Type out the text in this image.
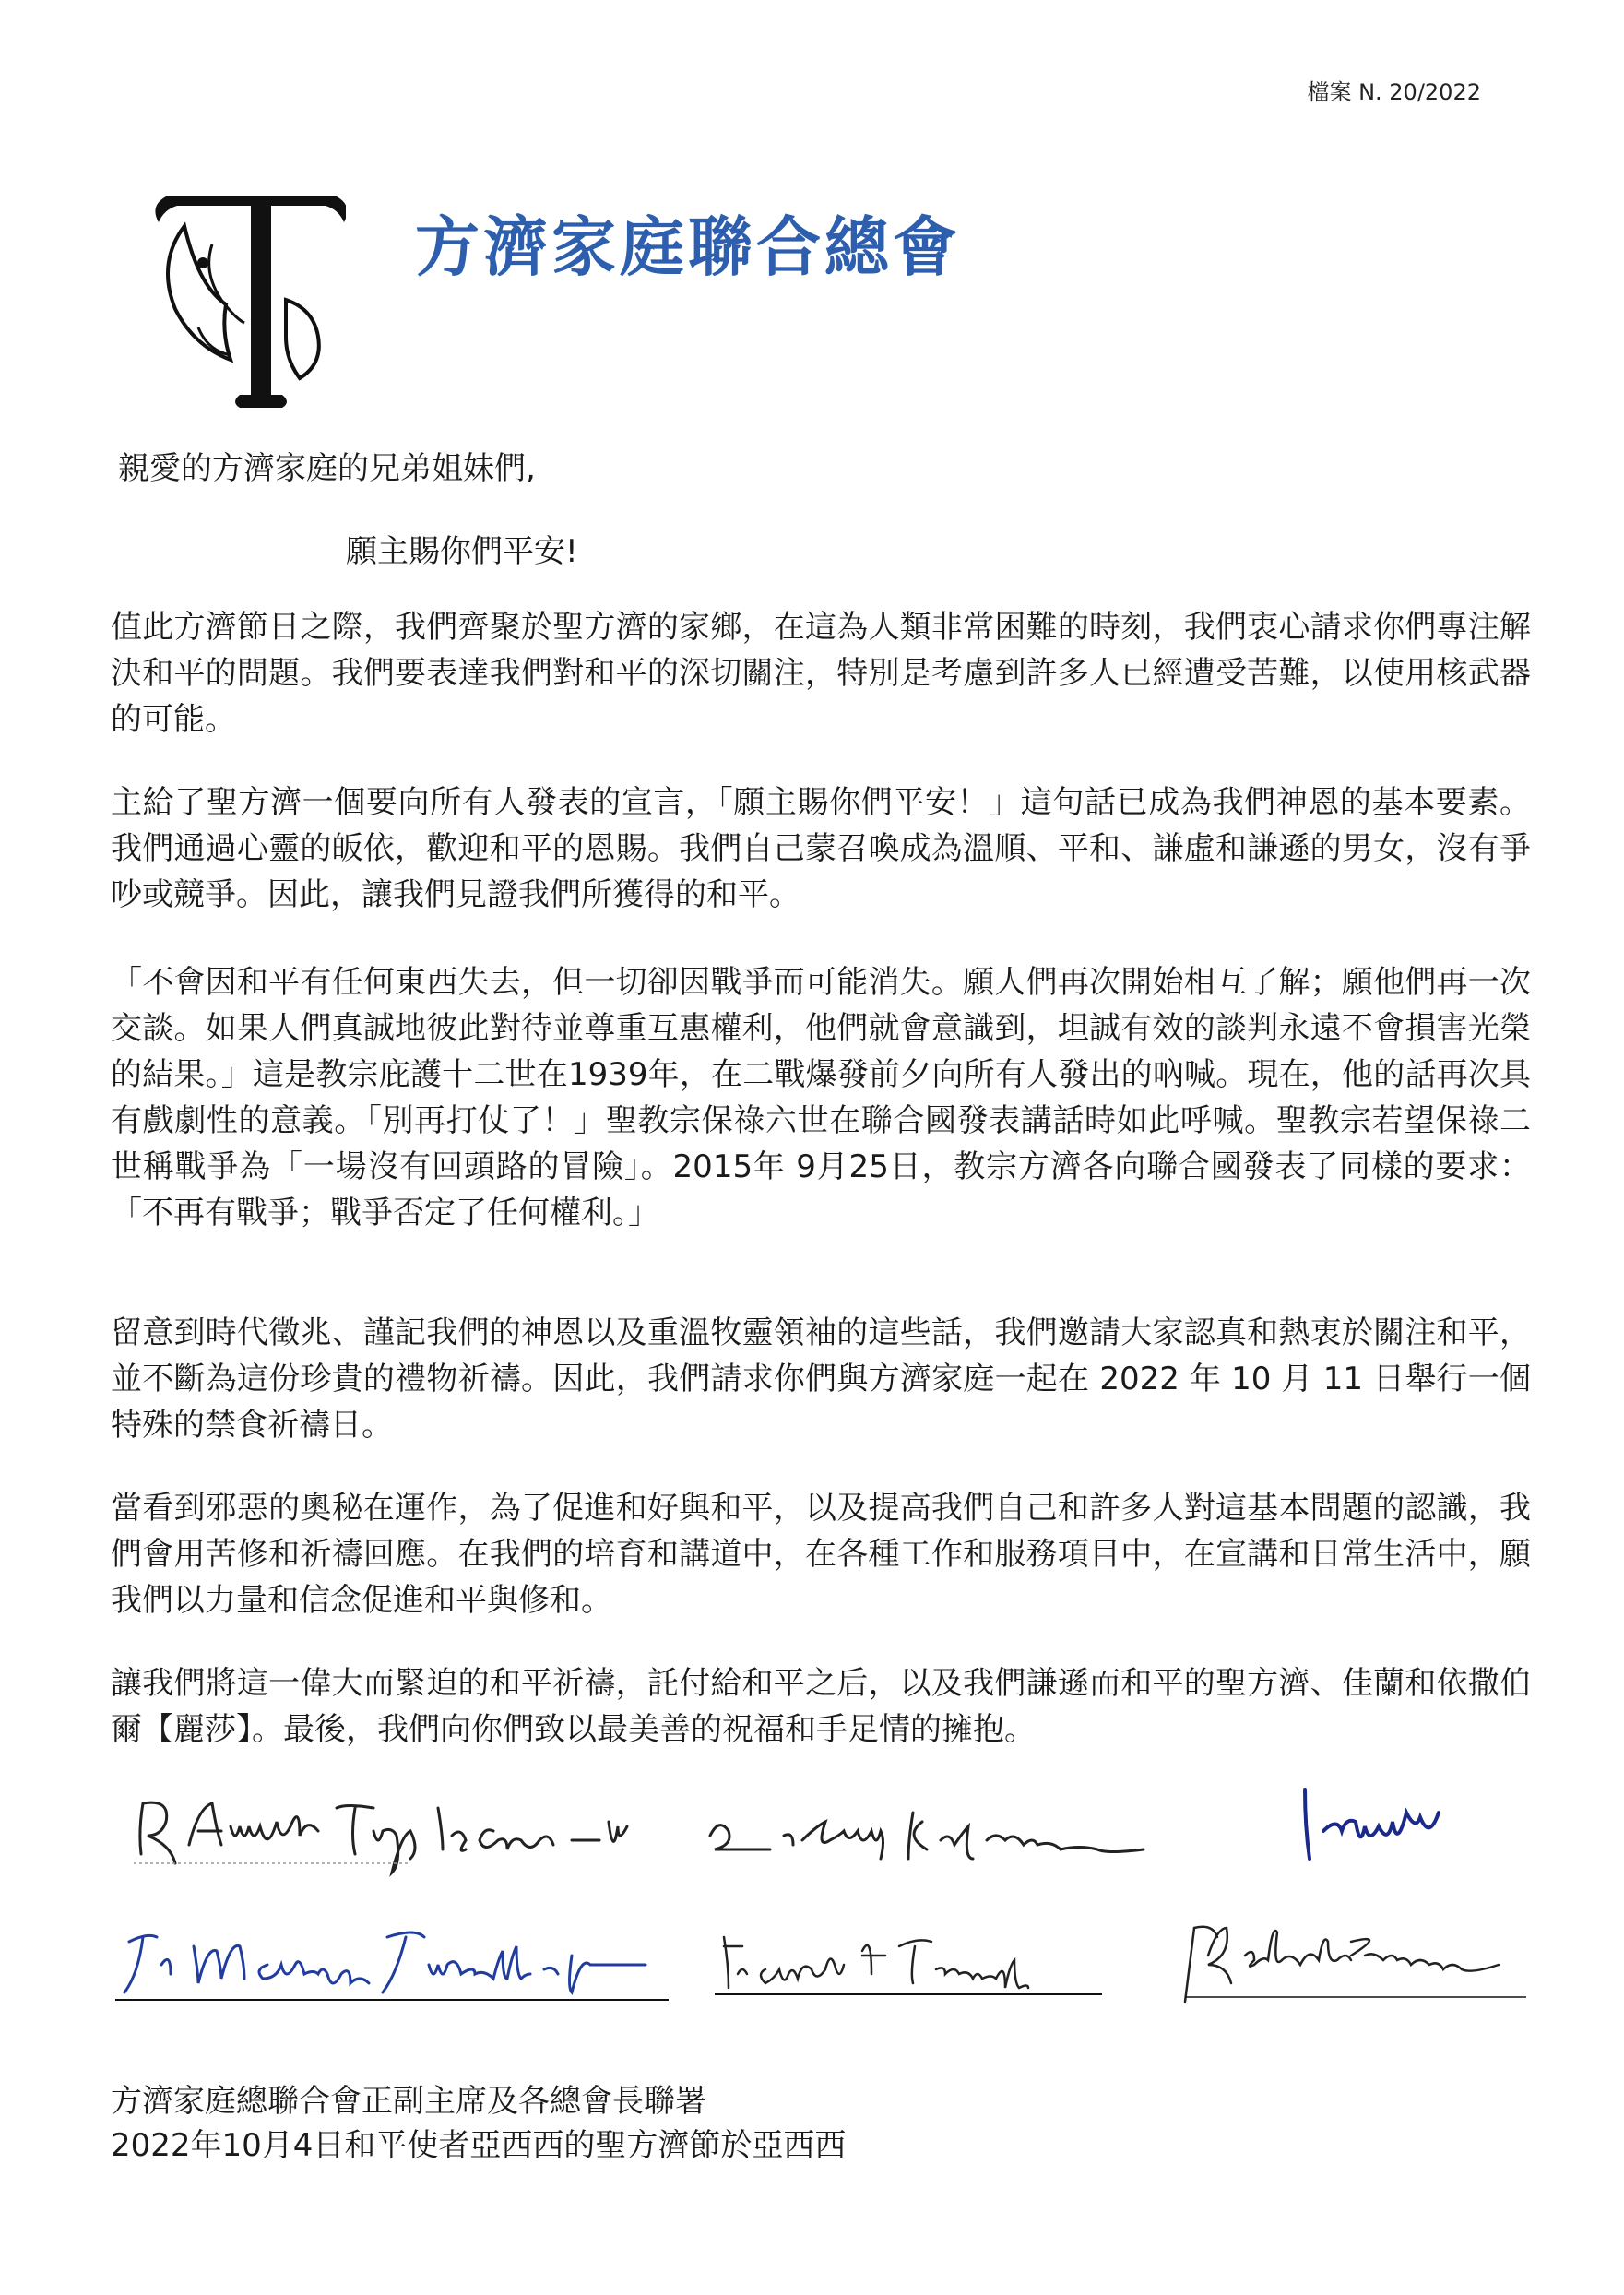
檔案 N. 20/2022
方濟家庭聯合總會
親愛的方濟家庭的兄弟姐妹們,
願主賜你們平安!

值此方濟節日之際，我們齊聚於聖方濟的家鄉，在這為人類非常困難的時刻，我們衷心請求你們專注解決和平的問題。我們要表達我們對和平的深切關注，特別是考慮到許多人已經遭受苦難，以使用核武器的可能。

主給了聖方濟一個要向所有人發表的宣言，「願主賜你們平安！」這句話已成為我們神恩的基本要素。我們通過心靈的皈依，歡迎和平的恩賜。我們自己蒙召喚成為溫順、平和、謙虛和謙遜的男女，沒有爭吵或競爭。因此，讓我們見證我們所獲得的和平。

「不會因和平有任何東西失去，但一切卻因戰爭而可能消失。願人們再次開始相互了解；願他們再一次交談。如果人們真誠地彼此對待並尊重互惠權利，他們就會意識到，坦誠有效的談判永遠不會損害光榮的結果。」這是教宗庇護十二世在1939年，在二戰爆發前夕向所有人發出的吶喊。現在，他的話再次具有戲劇性的意義。「別再打仗了！」聖教宗保祿六世在聯合國發表講話時如此呼喊。聖教宗若望保祿二世稱戰爭為「一場沒有回頭路的冒險」。2015年 9月25日，教宗方濟各向聯合國發表了同樣的要求：「不再有戰爭；戰爭否定了任何權利。」

留意到時代徵兆、謹記我們的神恩以及重溫牧靈領袖的這些話，我們邀請大家認真和熱衷於關注和平，並不斷為這份珍貴的禮物祈禱。因此，我們請求你們與方濟家庭一起在 2022 年 10 月 11 日舉行一個特殊的禁食祈禱日。

當看到邪惡的奧秘在運作，為了促進和好與和平，以及提高我們自己和許多人對這基本問題的認識，我們會用苦修和祈禱回應。在我們的培育和講道中，在各種工作和服務項目中，在宣講和日常生活中，願我們以力量和信念促進和平與修和。

讓我們將這一偉大而緊迫的和平祈禱，託付給和平之后，以及我們謙遜而和平的聖方濟、佳蘭和依撒伯爾【麗莎】。最後，我們向你們致以最美善的祝福和手足情的擁抱。

方濟家庭總聯合會正副主席及各總會長聯署
2022年10月4日和平使者亞西西的聖方濟節於亞西西
